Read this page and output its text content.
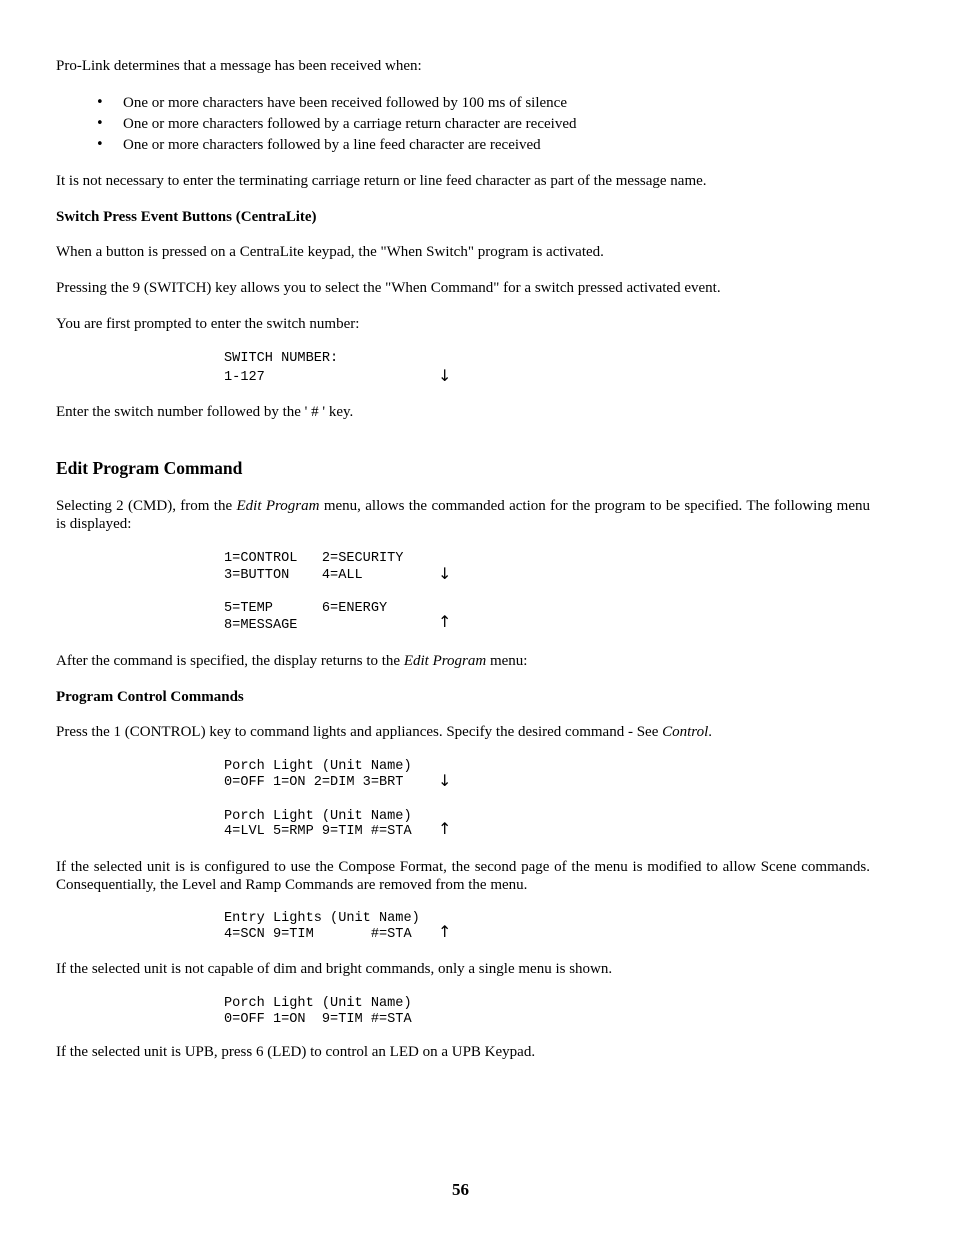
Pro-Link determines that a message has been received when:
• One or more characters have been received followed by 100 ms of silence
• One or more characters followed by a carriage return character are received
• One or more characters followed by a line feed character are received
It is not necessary to enter the terminating carriage return or line feed character as part of the message name.
Switch Press Event Buttons (CentraLite)
When a button is pressed on a CentraLite keypad, the "When Switch" program is activated.
Pressing the 9 (SWITCH) key allows you to select the "When Command" for a switch pressed activated event.
You are first prompted to enter the switch number:
SWITCH NUMBER:
1-127	↓
Enter the switch number followed by the ' # ' key.
Edit Program Command
Selecting 2 (CMD), from the Edit Program menu, allows the commanded action for the program to be specified. The following menu is displayed:
1=CONTROL   2=SECURITY
3=BUTTON    4=ALL	↓
5=TEMP      6=ENERGY
8=MESSAGE	↑
After the command is specified, the display returns to the Edit Program menu:
Program Control Commands
Press the 1 (CONTROL) key to command lights and appliances. Specify the desired command - See Control.
Porch Light (Unit Name)
0=OFF 1=ON 2=DIM 3=BRT ↓
Porch Light (Unit Name)
4=LVL 5=RMP 9=TIM #=STA ↑
If the selected unit is is configured to use the Compose Format, the second page of the menu is modified to allow Scene commands. Consequentially, the Level and Ramp Commands are removed from the menu.
Entry Lights (Unit Name)
4=SCN 9=TIM       #=STA ↑
If the selected unit is not capable of dim and bright commands, only a single menu is shown.
Porch Light (Unit Name)
0=OFF 1=ON  9=TIM #=STA
If the selected unit is UPB, press 6 (LED) to control an LED on a UPB Keypad.
56
